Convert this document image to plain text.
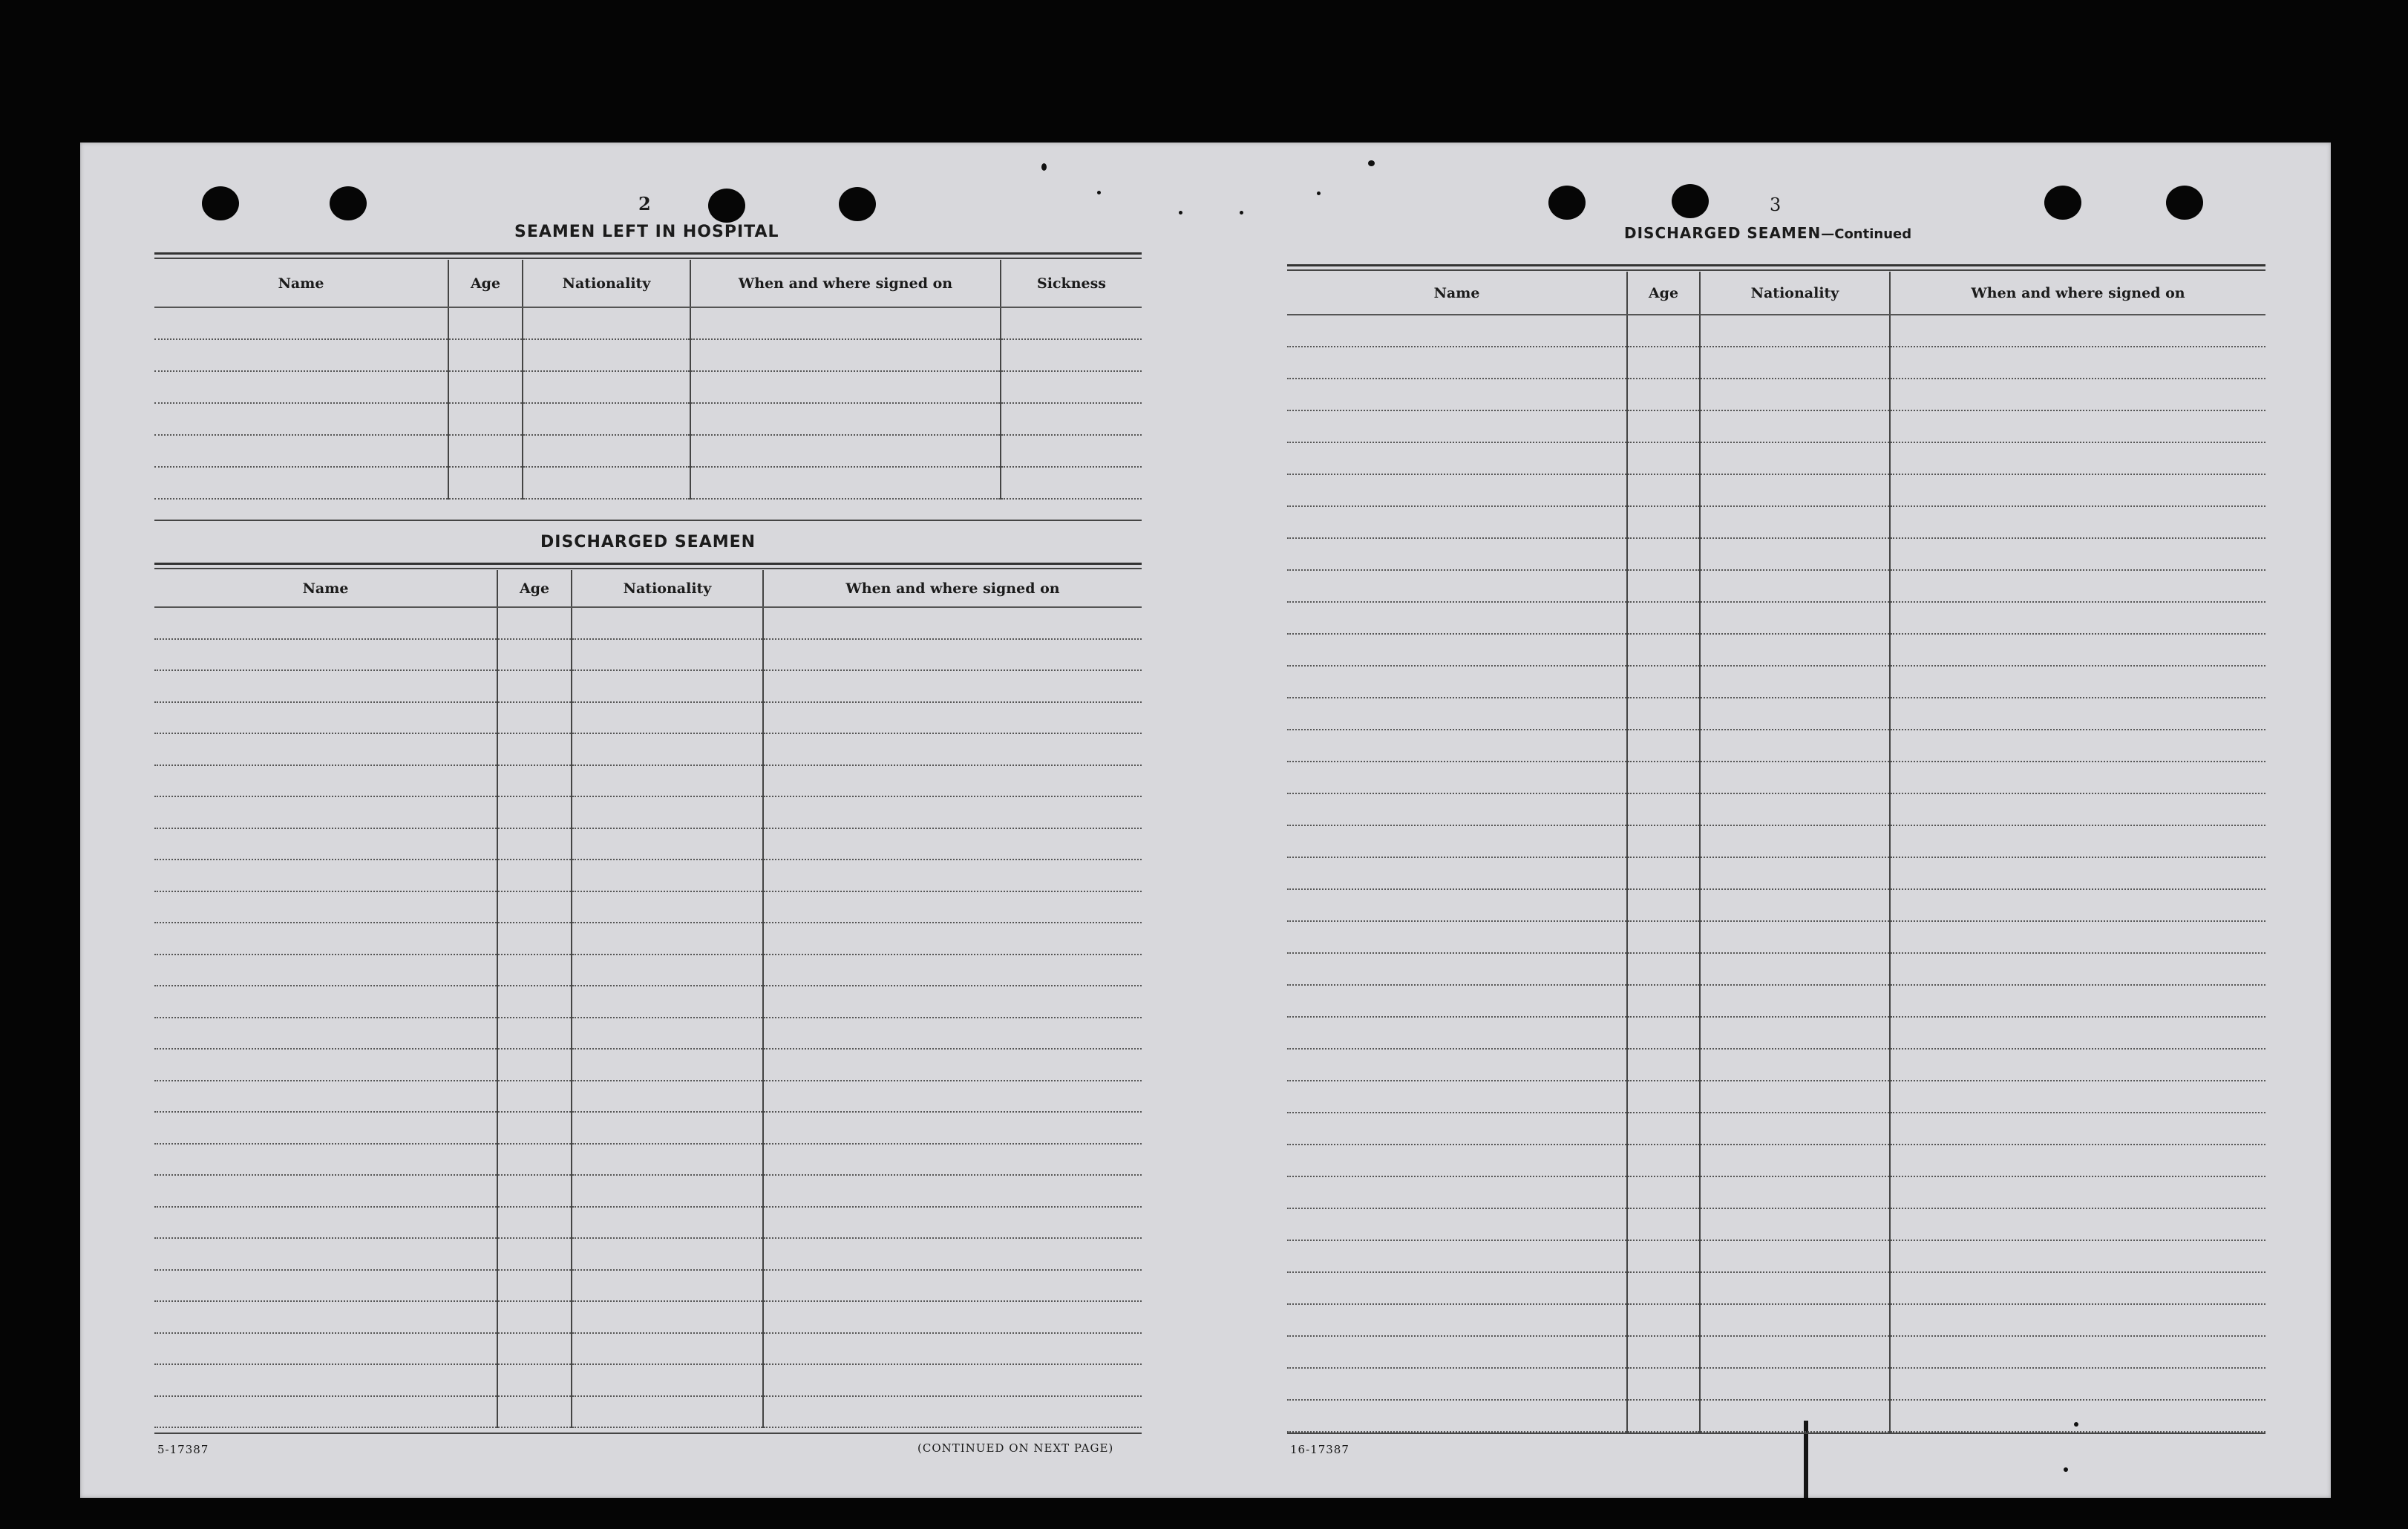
2
SEAMEN LEFT IN HOSPITAL
Name	Age	Nationality	When and where signed on	Sickness

DISCHARGED SEAMEN
Name	Age	Nationality	When and where signed on

5-17387	(CONTINUED ON NEXT PAGE)
3
DISCHARGED SEAMEN—Continued
Name	Age	Nationality	When and where signed on

16-17387
